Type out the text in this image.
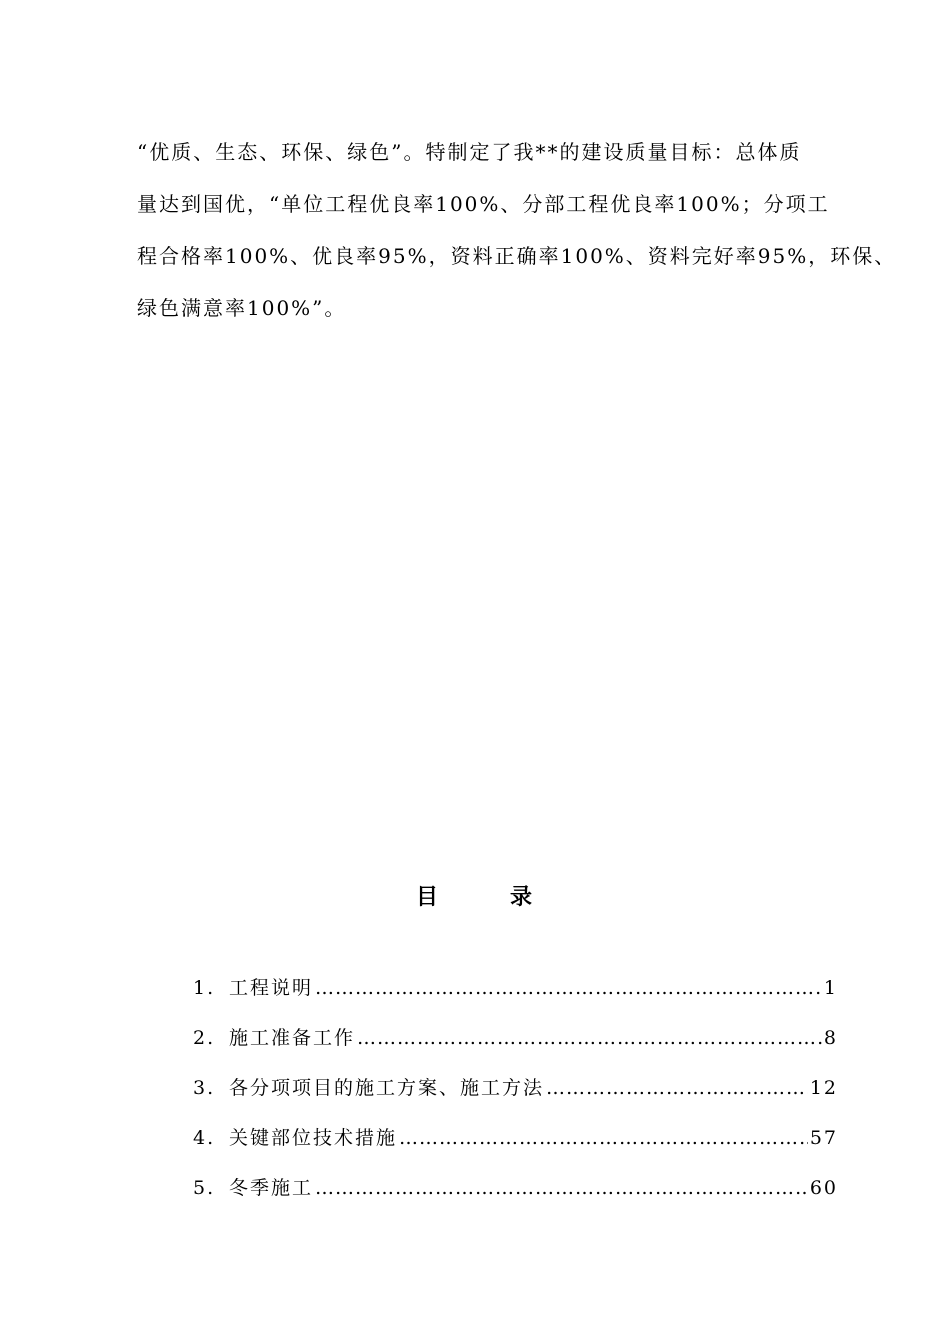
“优质、生态、环保、绿色”。特制定了我**的建设质量目标：总体质
量达到国优，“单位工程优良率100%、分部工程优良率100%；分项工
程合格率100%、优良率95%，资料正确率100%、资料完好率95%，环保、
绿色满意率100%”。
目	录
1. 工程说明 …………………………………………………………………………………………………	1
2. 施工准备工作 …………………………………………………………………………………………………	8
3. 各分项项目的施工方案、施工方法 …………………………………………………………………………………………………	12
4. 关键部位技术措施 …………………………………………………………………………………………………	57
5. 冬季施工 …………………………………………………………………………………………………	60
